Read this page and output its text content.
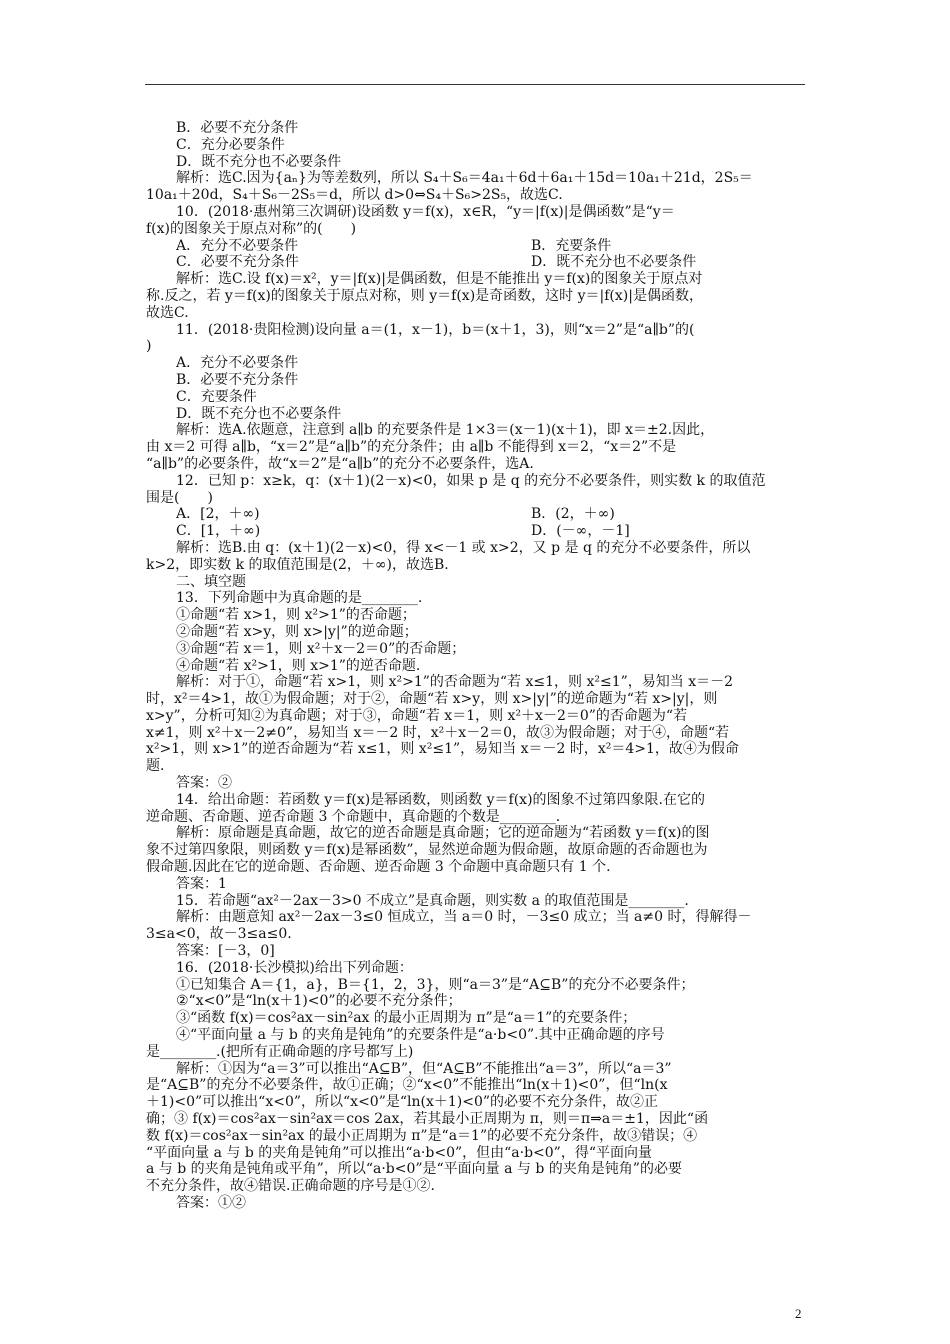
B．必要不充分条件
C．充分必要条件
D．既不充分也不必要条件
解析：选C.因为{aₙ}为等差数列，所以 S₄＋S₆＝4a₁＋6d＋6a₁＋15d＝10a₁＋21d，2S₅＝
10a₁＋20d，S₄＋S₆－2S₅＝d，所以 d>0⇔S₄＋S₆>2S₅，故选C.
10．(2018·惠州第三次调研)设函数 y＝f(x)，x∈R，“y＝|f(x)|是偶函数”是“y＝
f(x)的图象关于原点对称”的(　　)
A．充分不必要条件	B．充要条件
C．必要不充分条件	D．既不充分也不必要条件
解析：选C.设 f(x)＝x²，y＝|f(x)|是偶函数，但是不能推出 y＝f(x)的图象关于原点对
称.反之，若 y＝f(x)的图象关于原点对称，则 y＝f(x)是奇函数，这时 y＝|f(x)|是偶函数，
故选C.
11．(2018·贵阳检测)设向量 a＝(1，x－1)，b＝(x＋1，3)，则“x＝2”是“a∥b”的(
)
A．充分不必要条件
B．必要不充分条件
C．充要条件
D．既不充分也不必要条件
解析：选A.依题意，注意到 a∥b 的充要条件是 1×3＝(x－1)(x＋1)，即 x＝±2.因此，
由 x＝2 可得 a∥b，“x＝2”是“a∥b”的充分条件；由 a∥b 不能得到 x＝2，“x＝2”不是
“a∥b”的必要条件，故“x＝2”是“a∥b”的充分不必要条件，选A.
12．已知 p：x≥k，q：(x＋1)(2－x)<0，如果 p 是 q 的充分不必要条件，则实数 k 的取值范
围是(　　)
A．[2，＋∞)	B．(2，＋∞)
C．[1，＋∞)	D．(－∞，－1]
解析：选B.由 q：(x＋1)(2－x)<0，得 x<－1 或 x>2，又 p 是 q 的充分不必要条件，所以
k>2，即实数 k 的取值范围是(2，＋∞)，故选B.
二、填空题
13．下列命题中为真命题的是________.
①命题“若 x>1，则 x²>1”的否命题；
②命题“若 x>y，则 x>|y|”的逆命题；
③命题“若 x＝1，则 x²＋x－2＝0”的否命题；
④命题“若 x²>1，则 x>1”的逆否命题.
解析：对于①，命题“若 x>1，则 x²>1”的否命题为“若 x≤1，则 x²≤1”，易知当 x＝－2
时，x²＝4>1，故①为假命题；对于②，命题“若 x>y，则 x>|y|”的逆命题为“若 x>|y|，则
x>y”，分析可知②为真命题；对于③，命题“若 x＝1，则 x²＋x－2＝0”的否命题为“若
x≠1，则 x²＋x－2≠0”，易知当 x＝－2 时，x²＋x－2＝0，故③为假命题；对于④，命题“若
x²>1，则 x>1”的逆否命题为“若 x≤1，则 x²≤1”，易知当 x＝－2 时，x²＝4>1，故④为假命
题.
答案：②
14．给出命题：若函数 y＝f(x)是幂函数，则函数 y＝f(x)的图象不过第四象限.在它的
逆命题、否命题、逆否命题 3 个命题中，真命题的个数是________.
解析：原命题是真命题，故它的逆否命题是真命题；它的逆命题为“若函数 y＝f(x)的图
象不过第四象限，则函数 y＝f(x)是幂函数”，显然逆命题为假命题，故原命题的否命题也为
假命题.因此在它的逆命题、否命题、逆否命题 3 个命题中真命题只有 1 个.
答案：1
15．若命题“ax²－2ax－3>0 不成立”是真命题，则实数 a 的取值范围是________.
解析：由题意知 ax²－2ax－3≤0 恒成立，当 a＝0 时，－3≤0 成立；当 a≠0 时，得解得－
3≤a<0，故－3≤a≤0.
答案：[－3，0]
16．(2018·长沙模拟)给出下列命题：
①已知集合 A＝{1，a}，B＝{1，2，3}，则“a＝3”是“A⊆B”的充分不必要条件；
②“x<0”是“ln(x＋1)<0”的必要不充分条件；
③“函数 f(x)＝cos²ax－sin²ax 的最小正周期为 π”是“a＝1”的充要条件；
④“平面向量 a 与 b 的夹角是钝角”的充要条件是“a·b<0”.其中正确命题的序号
是________.(把所有正确命题的序号都写上)
解析：①因为“a＝3”可以推出“A⊆B”，但“A⊆B”不能推出“a＝3”，所以“a＝3”
是“A⊆B”的充分不必要条件，故①正确；②“x<0”不能推出“ln(x＋1)<0”，但“ln(x
＋1)<0”可以推出“x<0”，所以“x<0”是“ln(x＋1)<0”的必要不充分条件，故②正
确；③ f(x)＝cos²ax－sin²ax＝cos 2ax，若其最小正周期为 π，则＝π⇒a＝±1，因此“函
数 f(x)＝cos²ax－sin²ax 的最小正周期为 π”是“a＝1”的必要不充分条件，故③错误；④
“平面向量 a 与 b 的夹角是钝角”可以推出“a·b<0”，但由“a·b<0”，得“平面向量
a 与 b 的夹角是钝角或平角”，所以“a·b<0”是“平面向量 a 与 b 的夹角是钝角”的必要
不充分条件，故④错误.正确命题的序号是①②.
答案：①②
2
